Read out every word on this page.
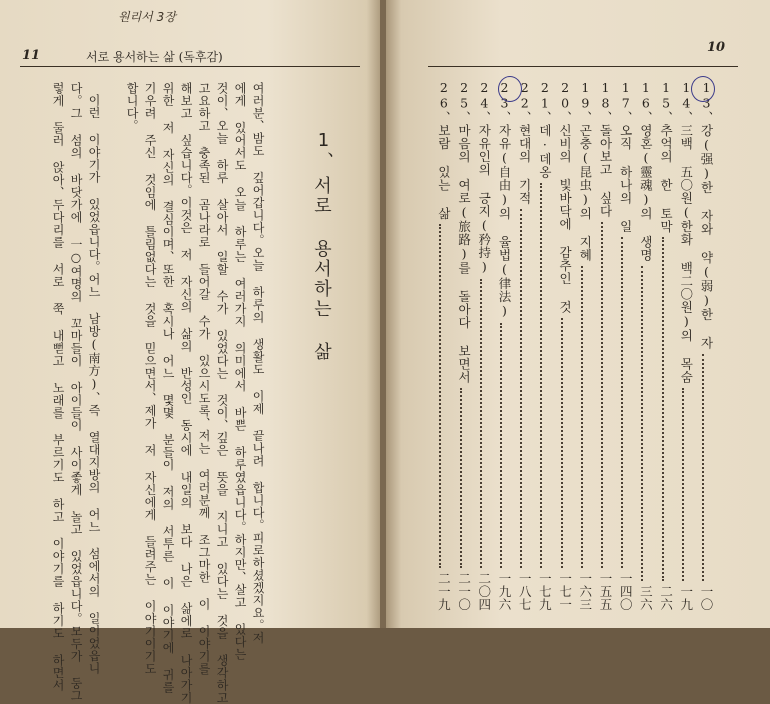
원리서 3장
11	서로 용서하는 삶 (독후감)
1、
서로 용서하는 삶
여러분、밤도 깊어갑니다。오늘 하루의 생활도 이제 끝나려 합니다。피로하셨겠지요。저
에게 있어서도 오늘 하루는 여러가지 의미에서 바쁜 하루였읍니다。하지만、살고 있다는
것이、오늘 하루 살아서 일할 수가 있었다는 것이、깊은 뜻을 지니고 있다는 것을 생각하고
고요하고 충족된 곰나라로 들어갈 수가 있으시도록、저는 여러분께 조그마한 이 이야기를
해보고 싶습니다。이것은 저 자신의 삶의 반성인 동시에 내일의 보다 나은 삶에로 나아가기
위한 저 자신의 결심이며、또한 혹시나 어느 몇몇 분들이 저의 서투른 이 이야기에 귀를
기우려 주신 것임에 틀림없다는 것을 믿으면서、제가 저 자신에게 들려주는 이야기이기도
합니다。
이런 이야기가 있었읍니다。어느 남방(南方)、즉 열대지방의 어느 섬에서의 일이었읍니
다。그 섬의 바닷가에 一○여명의 꼬마들이 아이들이 사이좋게 놀고 있었읍니다。모두가 둥그
렇게 둘러 앉아、두다리를 서로 쭉 내뻗고 노래를 부르기도 하고 이야기를 하기도 하면서
10
13、강(强)한 자와 약(弱)한 자
一〇
14、三백 五〇원(한화 백二〇원)의 목숨
一九
15、추억의 한 토막
二六
16、영혼(靈魂)의 생명
三六
17、오직 하나의 일
一四〇
18、돌아보고 싶다
一五五
19、곤충(昆虫)의 지혜
一六三
20、신비의 빛바닥에 감추인 것
一七一
21、데·데옹
一七九
22、현대의 기적
一八七
23、자유(自由)의 율법(律法)
一九六
24、자유인의 긍지(矜持)
二〇四
25、마음의 여로(旅路)를 돌아다 보면서
二一〇
26、보람 있는 삶
二一九
